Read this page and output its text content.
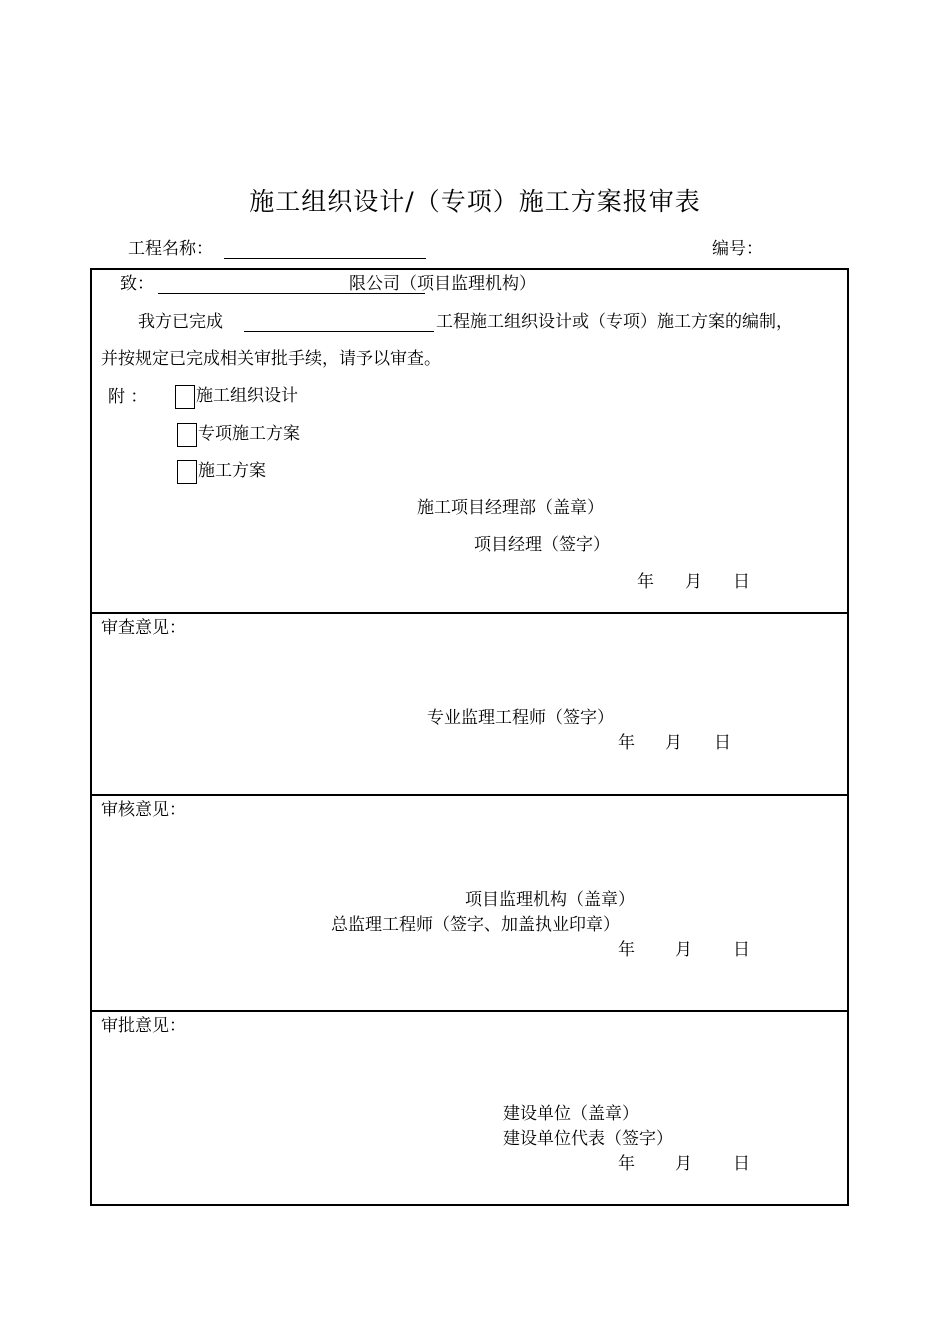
施工组织设计/（专项）施工方案报审表
工程名称：	编号：
致：	限公司（项目监理机构）
我方已完成	工程施工组织设计或（专项）施工方案的编制，
并按规定已完成相关审批手续，请予以审查。
附 ：	施工组织设计
专项施工方案
施工方案
施工项目经理部（盖章）
项目经理（签字）
年 月 日
审查意见：
专业监理工程师（签字）
年 月 日
审核意见：
项目监理机构（盖章）
总监理工程师（签字、加盖执业印章）
年 月 日
审批意见：
建设单位（盖章）
建设单位代表（签字）
年 月 日
